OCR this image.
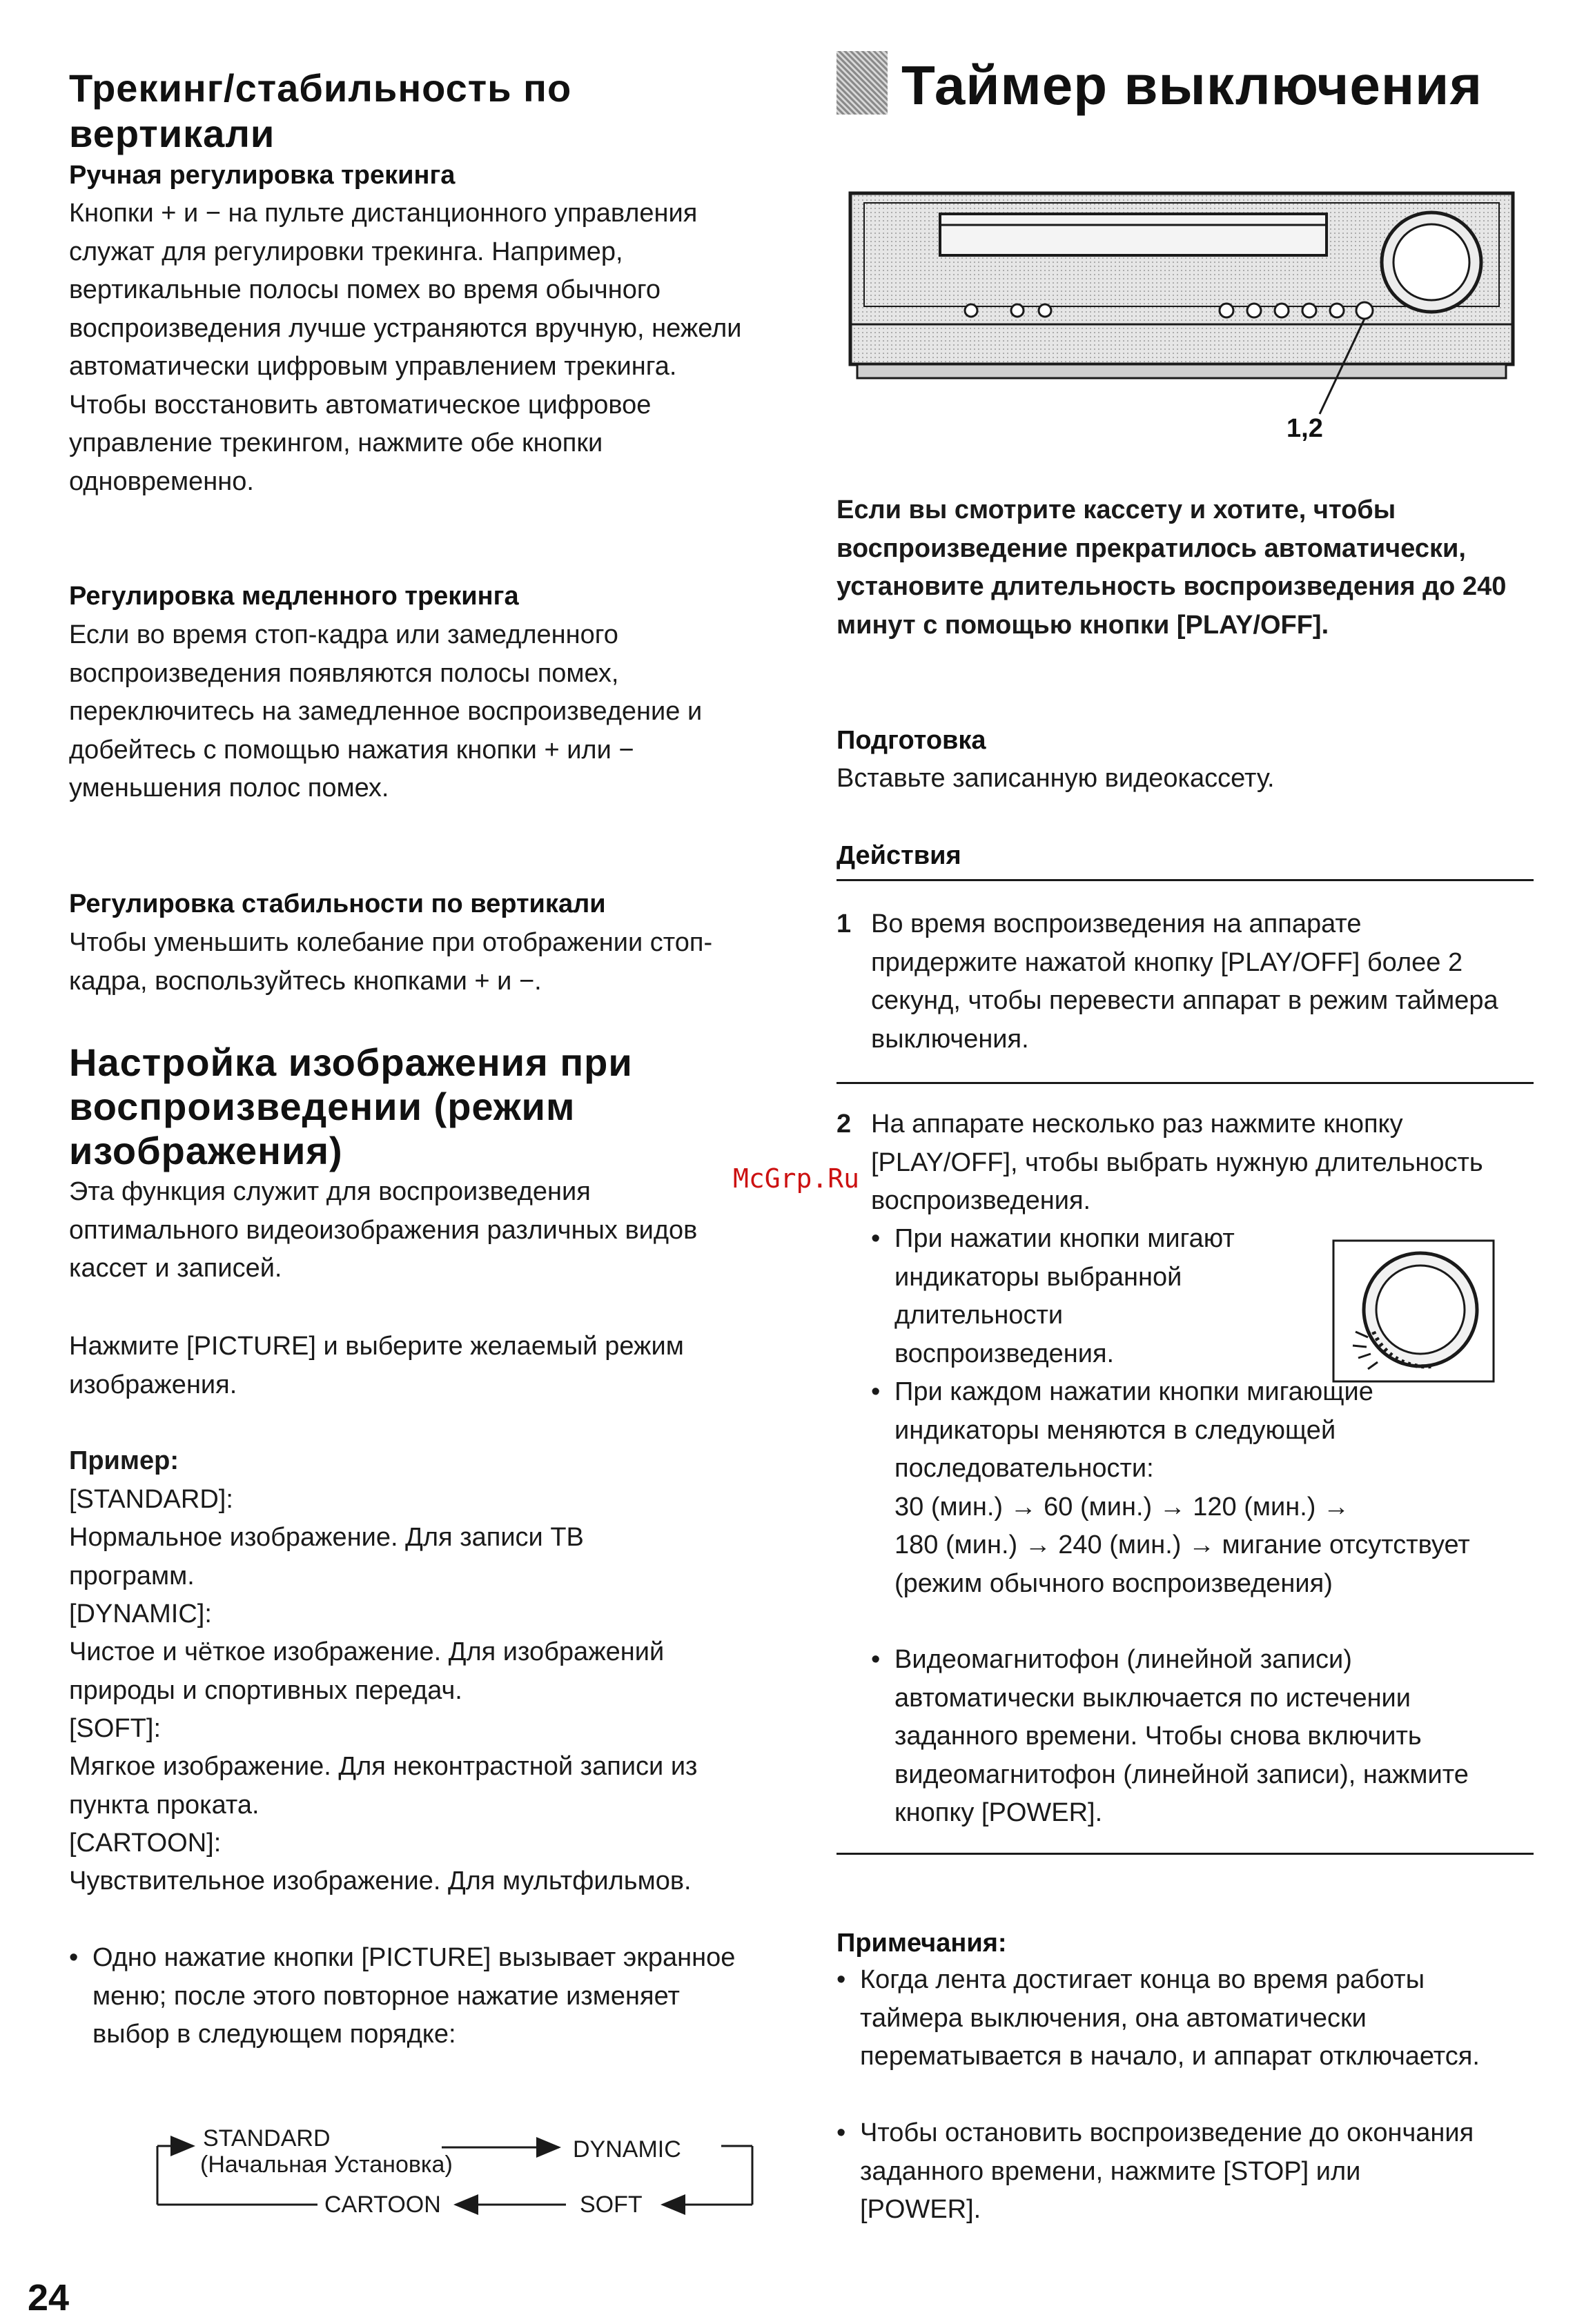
Трекинг/стабильность по вертикали
Ручная регулировка трекинга
Кнопки + и − на пульте дистанционного управления служат для регулировки трекинга. Например, вертикальные полосы помех во время обычного воспроизведения лучше устраняются вручную, нежели автоматически цифровым управлением трекинга.
Чтобы восстановить автоматическое цифровое управление трекингом, нажмите обе кнопки одновременно.
Регулировка медленного трекинга
Если во время стоп-кадра или замедленного воспроизведения появляются полосы помех, переключитесь на замедленное воспроизведение и добейтесь с помощью нажатия кнопки + или − уменьшения полос помех.
Регулировка стабильности по вертикали
Чтобы уменьшить колебание при отображении стоп-кадра, воспользуйтесь кнопками + и −.
Настройка изображения при воспроизведении (режим изображения)
Эта функция служит для воспроизведения оптимального видеоизображения различных видов кассет и записей.
Нажмите [PICTURE] и выберите желаемый режим изображения.
Пример:
[STANDARD]:
Нормальное изображение. Для записи ТВ программ.
[DYNAMIC]:
Чистое и чёткое изображение. Для изображений природы и спортивных передач.
[SOFT]:
Мягкое изображение. Для неконтрастной записи из пункта проката.
[CARTOON]:
Чувствительное изображение. Для мультфильмов.
• Одно нажатие кнопки [PICTURE] вызывает экранное меню; после этого повторное нажатие изменяет выбор в следующем порядке:
STANDARD
(Начальная Установка)
DYNAMIC
CARTOON	SOFT
24
McGrp.Ru
Таймер выключения
1,2
Если вы смотрите кассету и хотите, чтобы воспроизведение прекратилось автоматически, установите длительность воспроизведения до 240 минут с помощью кнопки [PLAY/OFF].
Подготовка
Вставьте записанную видеокассету.
Действия
1 Во время воспроизведения на аппарате придержите нажатой кнопку [PLAY/OFF] более 2 секунд, чтобы перевести аппарат в режим таймера выключения.
2 На аппарате несколько раз нажмите кнопку [PLAY/OFF], чтобы выбрать нужную длительность воспроизведения.
• При нажатии кнопки мигают индикаторы выбранной длительности воспроизведения.
• При каждом нажатии кнопки мигающие индикаторы меняются в следующей последовательности:
30 (мин.) → 60 (мин.) → 120 (мин.) →
180 (мин.) → 240 (мин.) → мигание отсутствует (режим обычного воспроизведения)
• Видеомагнитофон (линейной записи) автоматически выключается по истечении заданного времени. Чтобы снова включить видеомагнитофон (линейной записи), нажмите кнопку [POWER].
Примечания:
• Когда лента достигает конца во время работы таймера выключения, она автоматически перематывается в начало, и аппарат отключается.
• Чтобы остановить воспроизведение до окончания заданного времени, нажмите [STOP] или [POWER].
